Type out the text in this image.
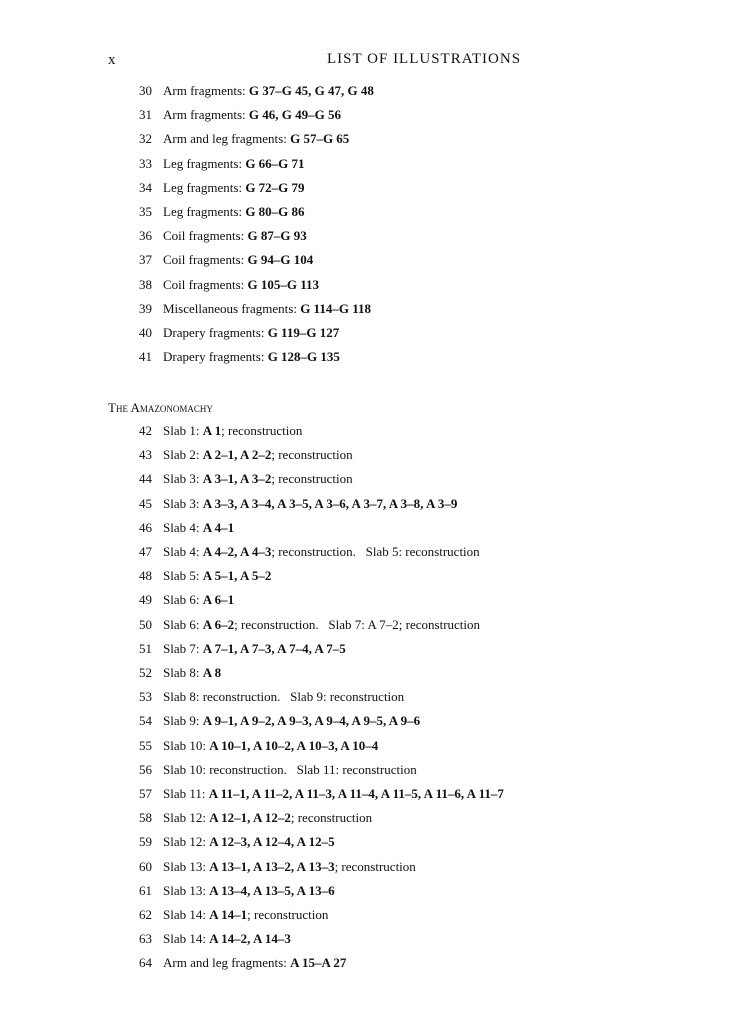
x	LIST OF ILLUSTRATIONS
30 Arm fragments: G 37–G 45, G 47, G 48
31 Arm fragments: G 46, G 49–G 56
32 Arm and leg fragments: G 57–G 65
33 Leg fragments: G 66–G 71
34 Leg fragments: G 72–G 79
35 Leg fragments: G 80–G 86
36 Coil fragments: G 87–G 93
37 Coil fragments: G 94–G 104
38 Coil fragments: G 105–G 113
39 Miscellaneous fragments: G 114–G 118
40 Drapery fragments: G 119–G 127
41 Drapery fragments: G 128–G 135
The Amazonomachy
42 Slab 1: A 1; reconstruction
43 Slab 2: A 2–1, A 2–2; reconstruction
44 Slab 3: A 3–1, A 3–2; reconstruction
45 Slab 3: A 3–3, A 3–4, A 3–5, A 3–6, A 3–7, A 3–8, A 3–9
46 Slab 4: A 4–1
47 Slab 4: A 4–2, A 4–3; reconstruction.   Slab 5: reconstruction
48 Slab 5: A 5–1, A 5–2
49 Slab 6: A 6–1
50 Slab 6: A 6–2; reconstruction.   Slab 7: A 7–2; reconstruction
51 Slab 7: A 7–1, A 7–3, A 7–4, A 7–5
52 Slab 8: A 8
53 Slab 8: reconstruction.   Slab 9: reconstruction
54 Slab 9: A 9–1, A 9–2, A 9–3, A 9–4, A 9–5, A 9–6
55 Slab 10: A 10–1, A 10–2, A 10–3, A 10–4
56 Slab 10: reconstruction.   Slab 11: reconstruction
57 Slab 11: A 11–1, A 11–2, A 11–3, A 11–4, A 11–5, A 11–6, A 11–7
58 Slab 12: A 12–1, A 12–2; reconstruction
59 Slab 12: A 12–3, A 12–4, A 12–5
60 Slab 13: A 13–1, A 13–2, A 13–3; reconstruction
61 Slab 13: A 13–4, A 13–5, A 13–6
62 Slab 14: A 14–1; reconstruction
63 Slab 14: A 14–2, A 14–3
64 Arm and leg fragments: A 15–A 27
